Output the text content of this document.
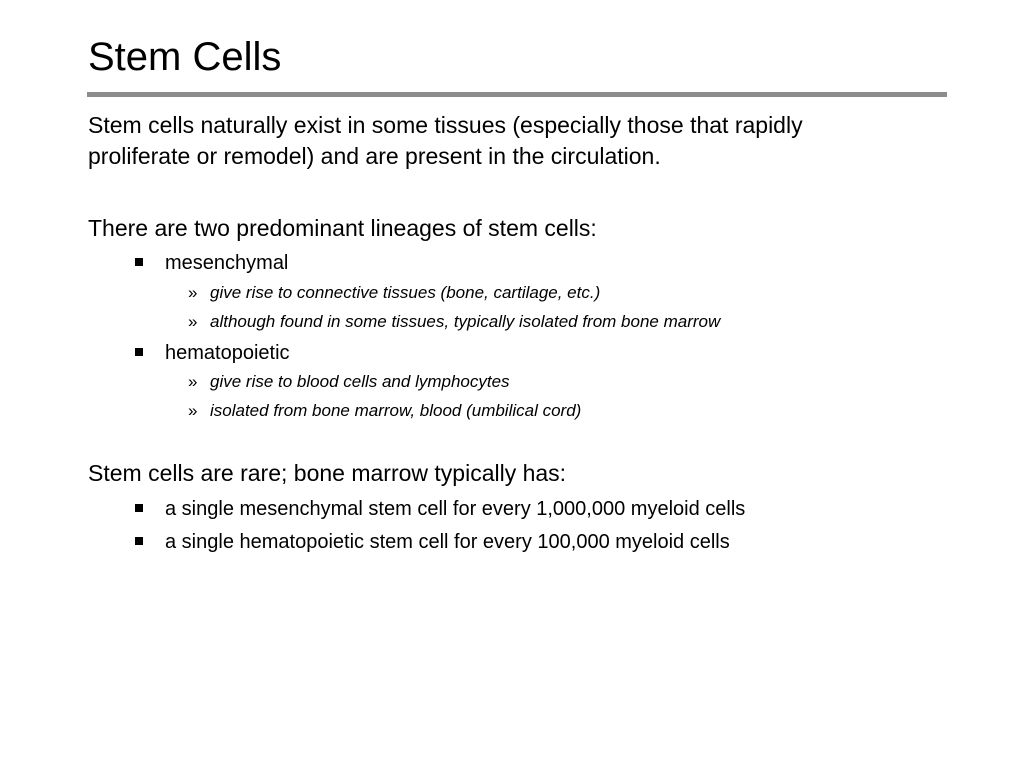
Stem Cells
Stem cells naturally exist in some tissues (especially those that rapidly
proliferate or remodel) and are present in the circulation.
There are two predominant lineages of stem cells:
mesenchymal
» give rise to connective tissues (bone, cartilage, etc.)
» although found in some tissues, typically isolated from bone marrow
hematopoietic
» give rise to blood cells and lymphocytes
» isolated from bone marrow, blood (umbilical cord)
Stem cells are rare; bone marrow typically has:
a single mesenchymal stem cell for every 1,000,000 myeloid cells
a single hematopoietic stem cell for every 100,000 myeloid cells
